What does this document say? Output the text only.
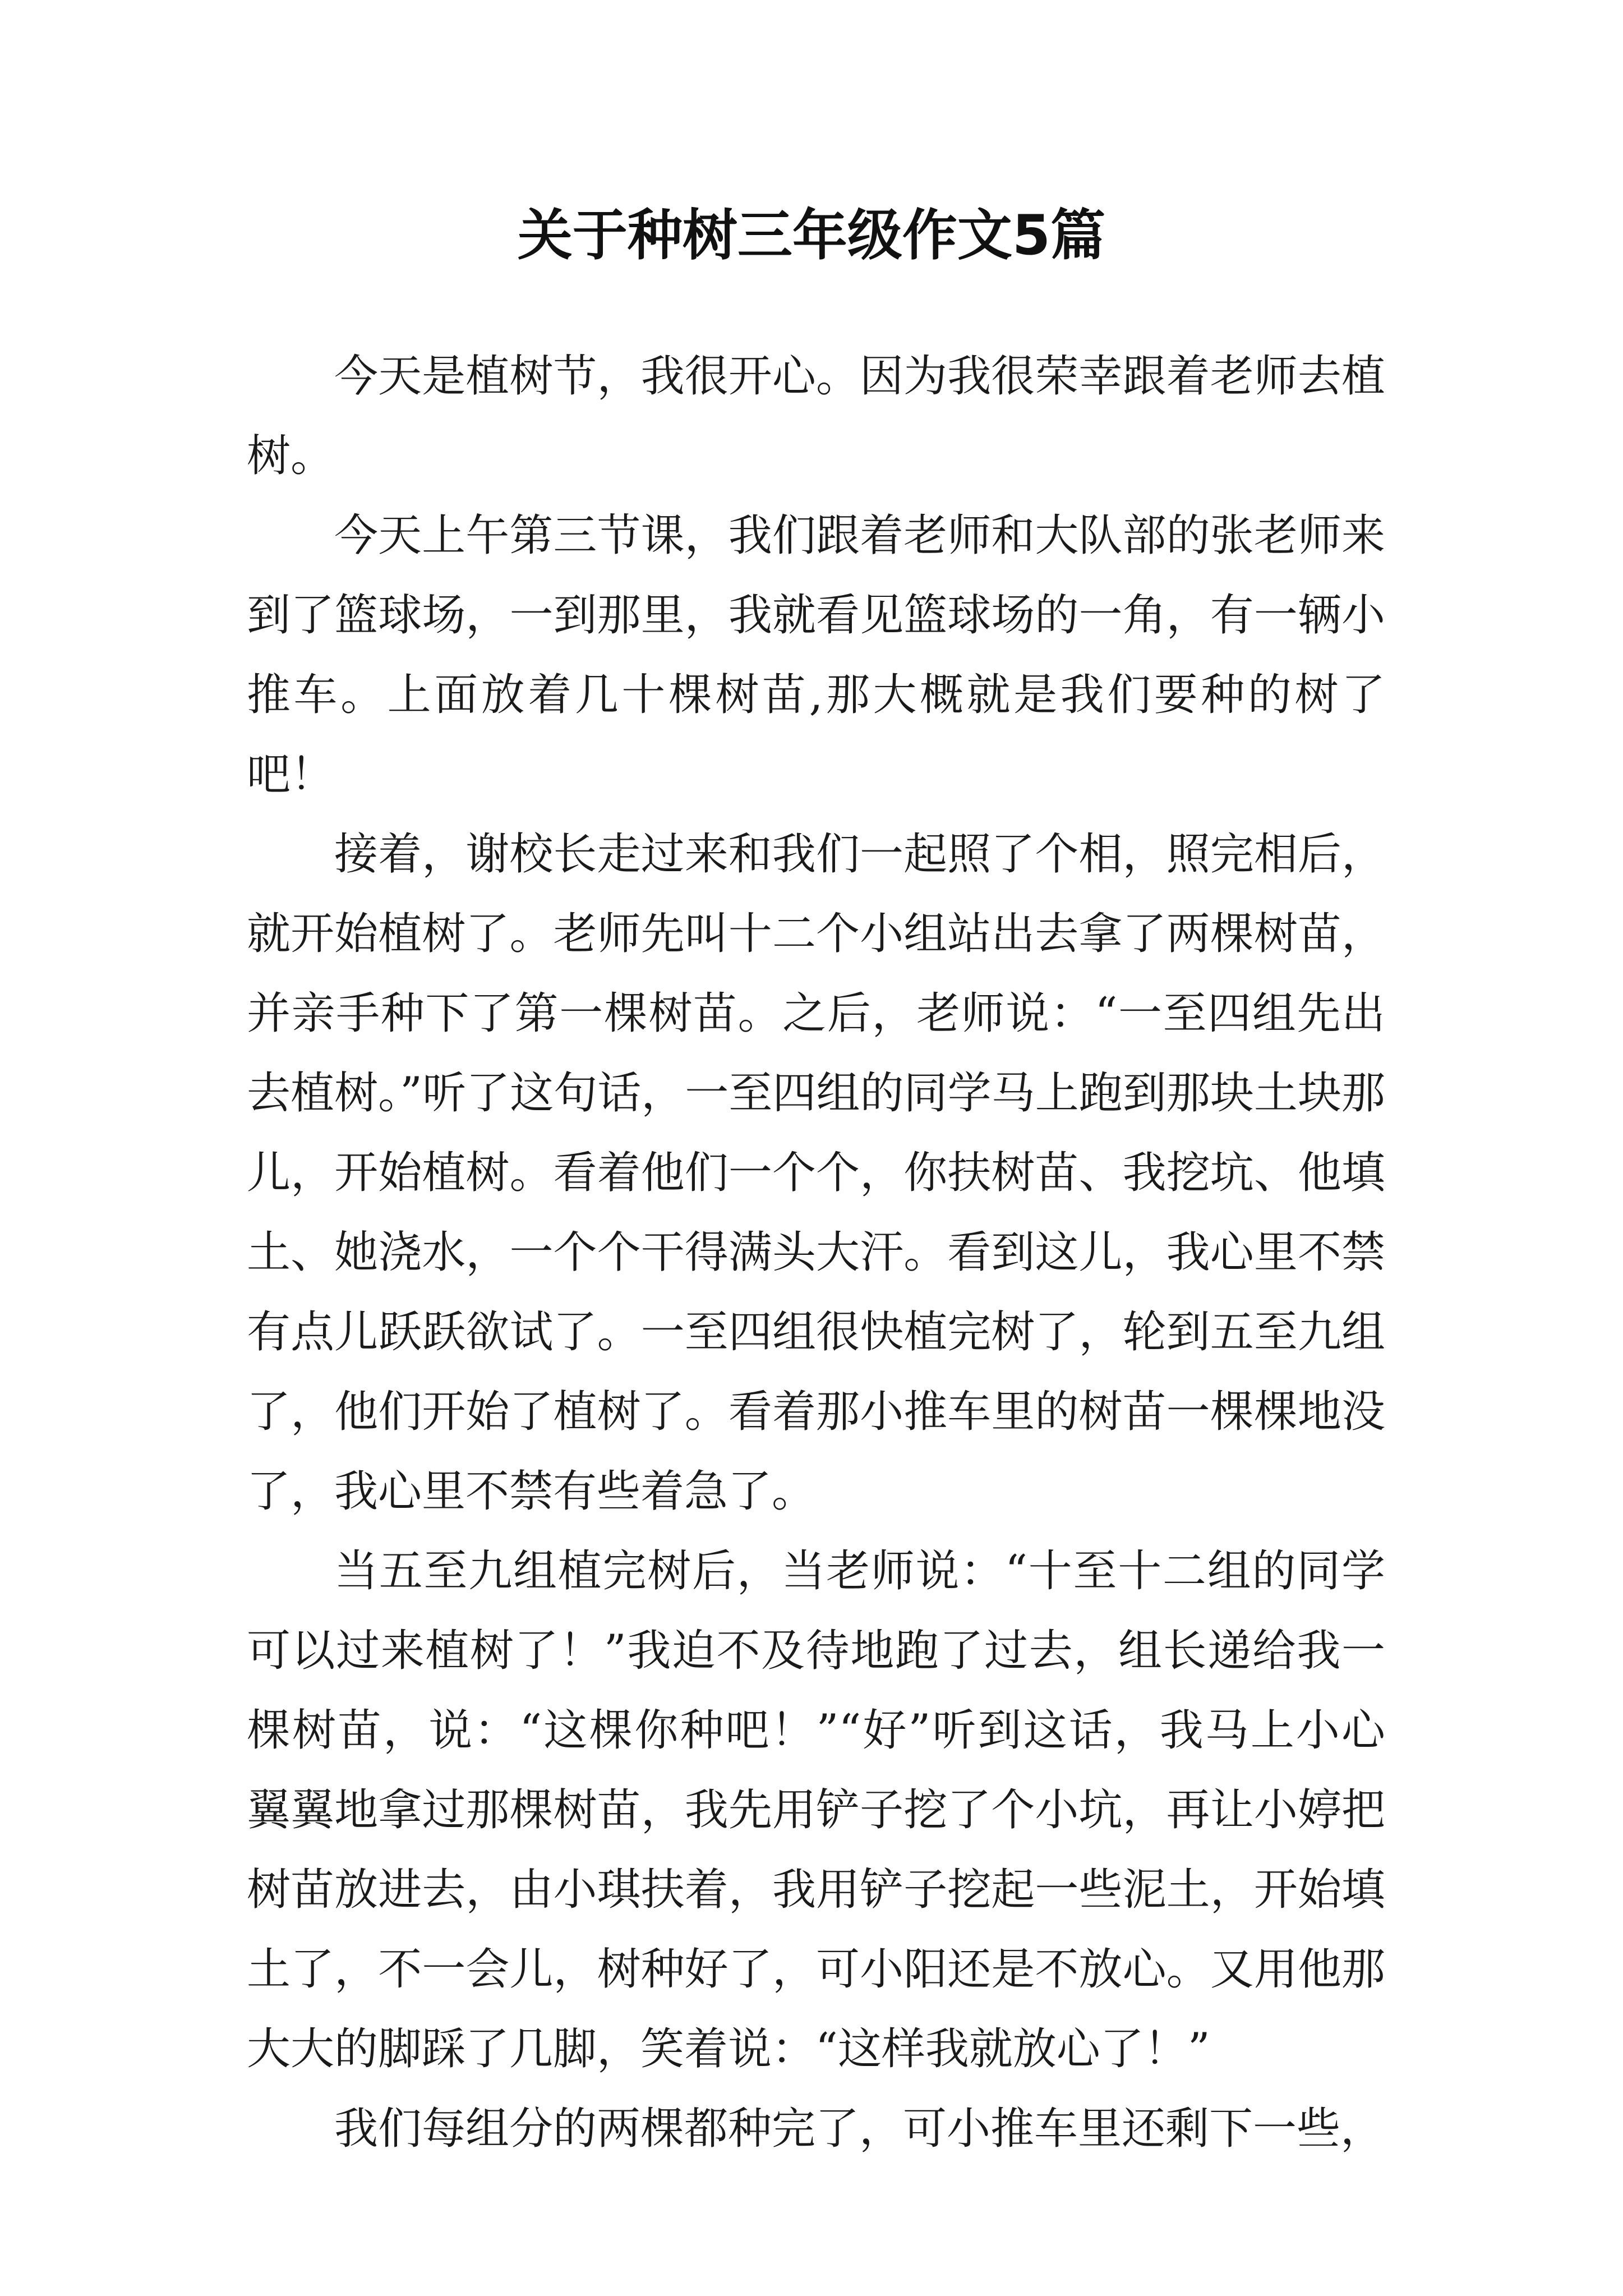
关于种树三年级作文5篇

今天是植树节，我很开心。因为我很荣幸跟着老师去植树。

今天上午第三节课，我们跟着老师和大队部的张老师来到了篮球场，一到那里，我就看见篮球场的一角，有一辆小推车。上面放着几十棵树苗,那大概就是我们要种的树了吧！

接着，谢校长走过来和我们一起照了个相，照完相后，就开始植树了。老师先叫十二个小组站出去拿了两棵树苗，并亲手种下了第一棵树苗。之后，老师说：“一至四组先出去植树。”听了这句话，一至四组的同学马上跑到那块土块那儿，开始植树。看着他们一个个，你扶树苗、我挖坑、他填土、她浇水，一个个干得满头大汗。看到这儿，我心里不禁有点儿跃跃欲试了。一至四组很快植完树了，轮到五至九组了，他们开始了植树了。看着那小推车里的树苗一棵棵地没了，我心里不禁有些着急了。

当五至九组植完树后，当老师说：“十至十二组的同学可以过来植树了！”我迫不及待地跑了过去，组长递给我一棵树苗，说：“这棵你种吧！”“好”听到这话，我马上小心翼翼地拿过那棵树苗，我先用铲子挖了个小坑，再让小婷把树苗放进去，由小琪扶着，我用铲子挖起一些泥土，开始填土了，不一会儿，树种好了，可小阳还是不放心。又用他那大大的脚踩了几脚，笑着说：“这样我就放心了！”

我们每组分的两棵都种完了，可小推车里还剩下一些，
